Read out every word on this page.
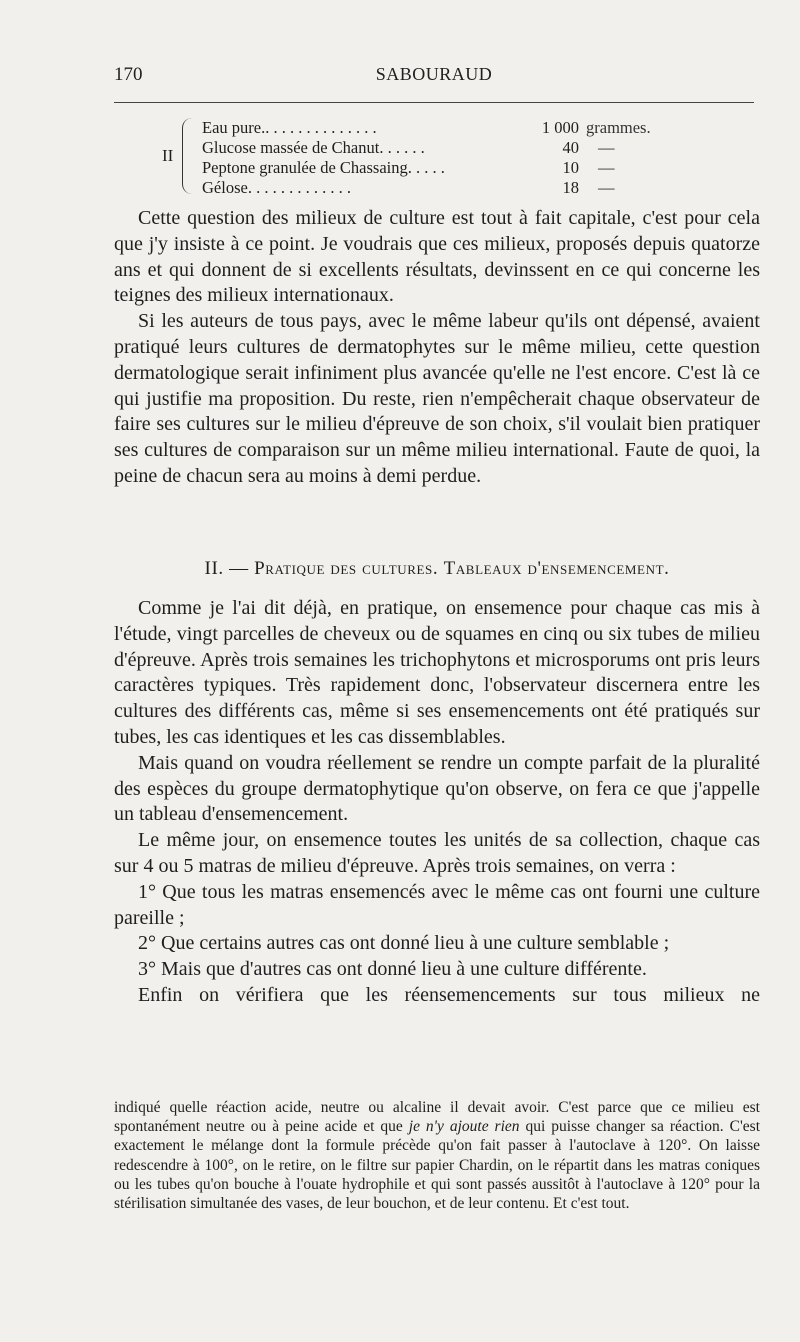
170	SABOURAUD
II
Eau pure.. . . . . . . . . . . . . .	1 000 grammes.
Glucose massée de Chanut. . . . . .	40 —
Peptone granulée de Chassaing. . . . .	10 —
Gélose. . . . . . . . . . . . .	18 —

Cette question des milieux de culture est tout à fait capitale, c'est pour cela que j'y insiste à ce point. Je voudrais que ces milieux, proposés depuis quatorze ans et qui donnent de si excellents résultats, devinssent en ce qui concerne les teignes des milieux internationaux.

Si les auteurs de tous pays, avec le même labeur qu'ils ont dépensé, avaient pratiqué leurs cultures de dermatophytes sur le même milieu, cette question dermatologique serait infiniment plus avancée qu'elle ne l'est encore. C'est là ce qui justifie ma proposition. Du reste, rien n'empêcherait chaque observateur de faire ses cultures sur le milieu d'épreuve de son choix, s'il voulait bien pratiquer ses cultures de comparaison sur un même milieu international. Faute de quoi, la peine de chacun sera au moins à demi perdue.

II. — Pratique des cultures. Tableaux d'ensemencement.

Comme je l'ai dit déjà, en pratique, on ensemence pour chaque cas mis à l'étude, vingt parcelles de cheveux ou de squames en cinq ou six tubes de milieu d'épreuve. Après trois semaines les trichophytons et microsporums ont pris leurs caractères typiques. Très rapidement donc, l'observateur discernera entre les cultures des différents cas, même si ses ensemencements ont été pratiqués sur tubes, les cas identiques et les cas dissemblables.

Mais quand on voudra réellement se rendre un compte parfait de la pluralité des espèces du groupe dermatophytique qu'on observe, on fera ce que j'appelle un tableau d'ensemencement.

Le même jour, on ensemence toutes les unités de sa collection, chaque cas sur 4 ou 5 matras de milieu d'épreuve. Après trois semaines, on verra :

1° Que tous les matras ensemencés avec le même cas ont fourni une culture pareille ;

2° Que certains autres cas ont donné lieu à une culture semblable ;

3° Mais que d'autres cas ont donné lieu à une culture différente.

Enfin on vérifiera que les réensemencements sur tous milieux ne

indiqué quelle réaction acide, neutre ou alcaline il devait avoir. C'est parce que ce milieu est spontanément neutre ou à peine acide et que je n'y ajoute rien qui puisse changer sa réaction. C'est exactement le mélange dont la formule précède qu'on fait passer à l'autoclave à 120°. On laisse redescendre à 100°, on le retire, on le filtre sur papier Chardin, on le répartit dans les matras coniques ou les tubes qu'on bouche à l'ouate hydrophile et qui sont passés aussitôt à l'autoclave à 120° pour la stérilisation simultanée des vases, de leur bouchon, et de leur contenu. Et c'est tout.
